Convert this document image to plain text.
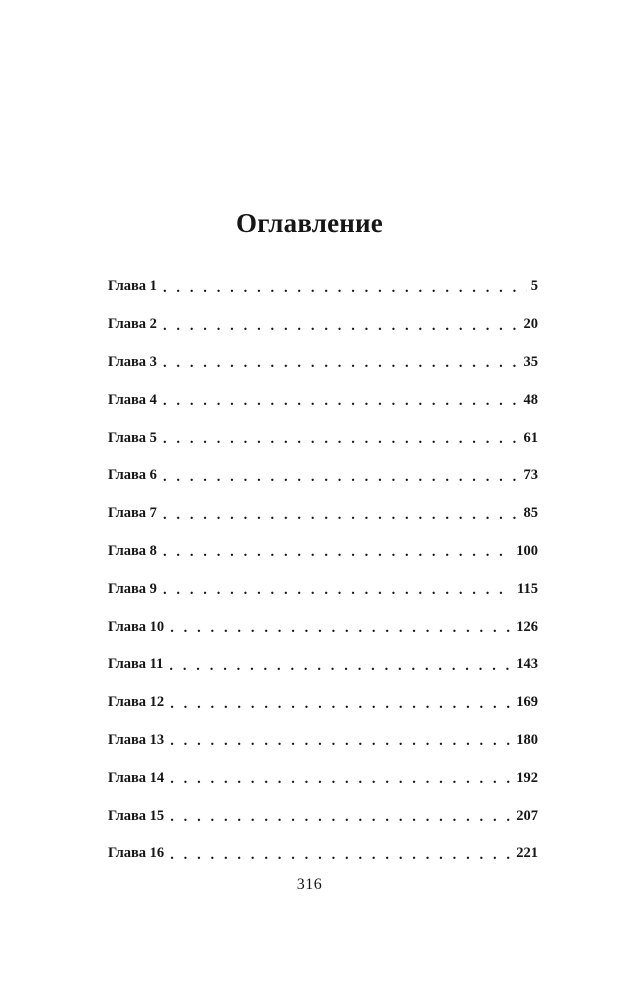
Оглавление
Глава 1 . . .	5
Глава 2 . . .	20
Глава 3 . . .	35
Глава 4 . . .	48
Глава 5 . . .	61
Глава 6 . . .	73
Глава 7 . . .	85
Глава 8 . . .	100
Глава 9 . . .	115
Глава 10 . . .	126
Глава 11 . . .	143
Глава 12 . . .	169
Глава 13 . . .	180
Глава 14 . . .	192
Глава 15 . . .	207
Глава 16 . . .	221
316
